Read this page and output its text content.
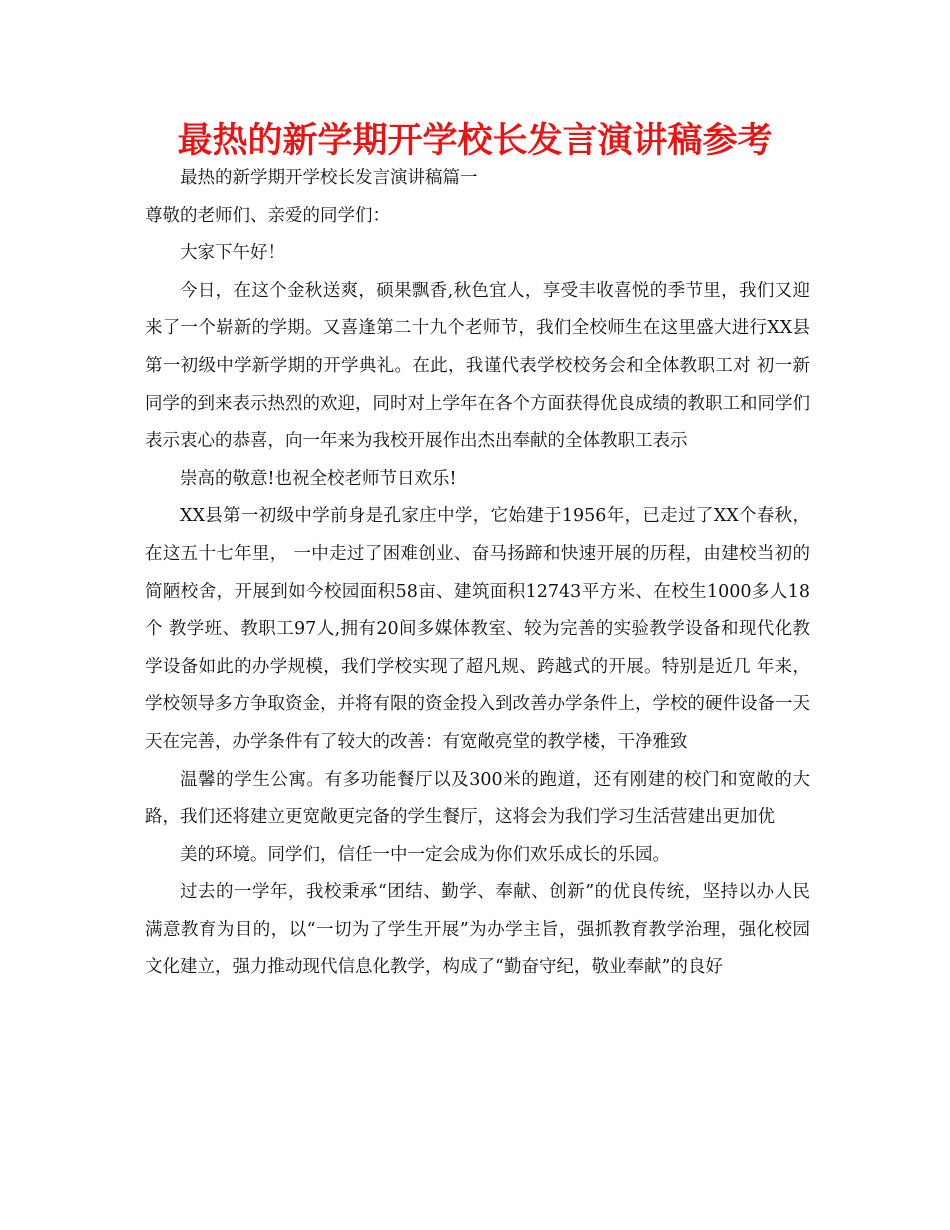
最热的新学期开学校长发言演讲稿参考

最热的新学期开学校长发言演讲稿篇一

尊敬的老师们、亲爱的同学们：

大家下午好！

今日，在这个金秋送爽，硕果飘香,秋色宜人，享受丰收喜悦的季节里，我们又迎 来了一个崭新的学期。又喜逢第二十九个老师节，我们全校师生在这里盛大进行XX县第一初级中学新学期的开学典礼。在此，我谨代表学校校务会和全体教职工对 初一新同学的到来表示热烈的欢迎，同时对上学年在各个方面获得优良成绩的教职工和同学们表示衷心的恭喜，向一年来为我校开展作出杰出奉献的全体教职工表示

崇高的敬意!也祝全校老师节日欢乐!

XX县第一初级中学前身是孔家庄中学，它始建于1956年，已走过了XX个春秋，在这五十七年里， 一中走过了困难创业、奋马扬蹄和快速开展的历程，由建校当初的简陋校舍，开展到如今校园面积58亩、建筑面积12743平方米、在校生1000多人18个 教学班、教职工97人,拥有20间多媒体教室、较为完善的实验教学设备和现代化教学设备如此的办学规模，我们学校实现了超凡规、跨越式的开展。特别是近几 年来，学校领导多方争取资金，并将有限的资金投入到改善办学条件上，学校的硬件设备一天天在完善，办学条件有了较大的改善：有宽敞亮堂的教学楼，干净雅致

温馨的学生公寓。有多功能餐厅以及300米的跑道，还有刚建的校门和宽敞的大路，我们还将建立更宽敞更完备的学生餐厅，这将会为我们学习生活营建出更加优

美的环境。同学们，信任一中一定会成为你们欢乐成长的乐园。

过去的一学年，我校秉承“团结、勤学、奉献、创新”的优良传统，坚持以办人民 满意教育为目的，以“一切为了学生开展”为办学主旨，强抓教育教学治理，强化校园文化建立，强力推动现代信息化教学，构成了“勤奋守纪，敬业奉献”的良好
